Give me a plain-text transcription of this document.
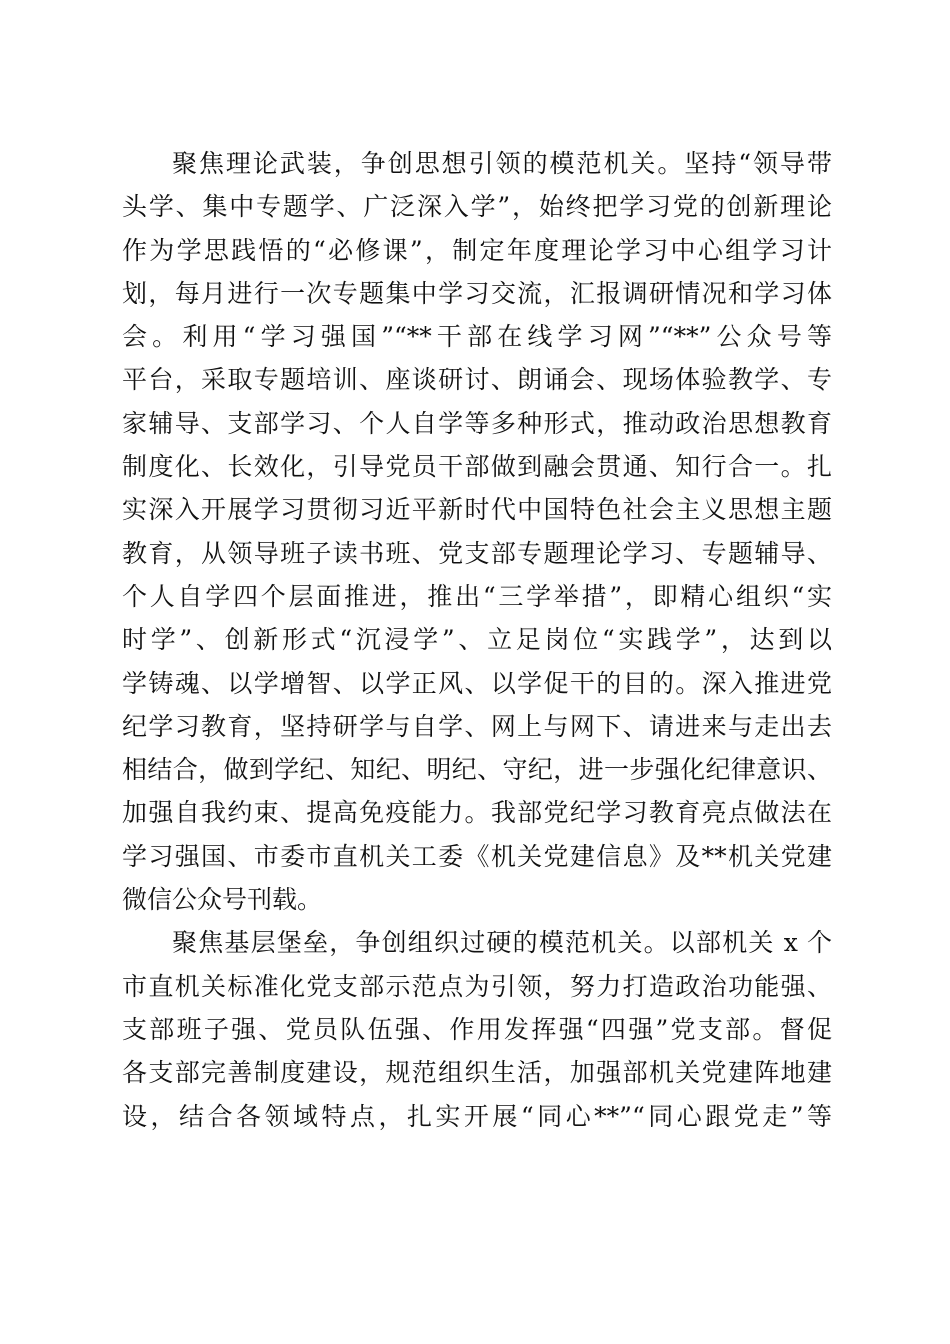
聚焦理论武装，争创思想引领的模范机关。坚持“领导带
头学、集中专题学、广泛深入学”，始终把学习党的创新理论
作为学思践悟的“必修课”，制定年度理论学习中心组学习计
划，每月进行一次专题集中学习交流，汇报调研情况和学习体
会。利用“学习强国”“**干部在线学习网”“**”公众号等
平台，采取专题培训、座谈研讨、朗诵会、现场体验教学、专
家辅导、支部学习、个人自学等多种形式，推动政治思想教育
制度化、长效化，引导党员干部做到融会贯通、知行合一。扎
实深入开展学习贯彻习近平新时代中国特色社会主义思想主题
教育，从领导班子读书班、党支部专题理论学习、专题辅导、
个人自学四个层面推进，推出“三学举措”，即精心组织“实
时学”、创新形式“沉浸学”、立足岗位“实践学”，达到以
学铸魂、以学增智、以学正风、以学促干的目的。深入推进党
纪学习教育，坚持研学与自学、网上与网下、请进来与走出去
相结合，做到学纪、知纪、明纪、守纪，进一步强化纪律意识、
加强自我约束、提高免疫能力。我部党纪学习教育亮点做法在
学习强国、市委市直机关工委《机关党建信息》及**机关党建
微信公众号刊载。
聚焦基层堡垒，争创组织过硬的模范机关。以部机关 x 个
市直机关标准化党支部示范点为引领，努力打造政治功能强、
支部班子强、党员队伍强、作用发挥强“四强”党支部。督促
各支部完善制度建设，规范组织生活，加强部机关党建阵地建
设，结合各领域特点，扎实开展“同心**”“同心跟党走”等
